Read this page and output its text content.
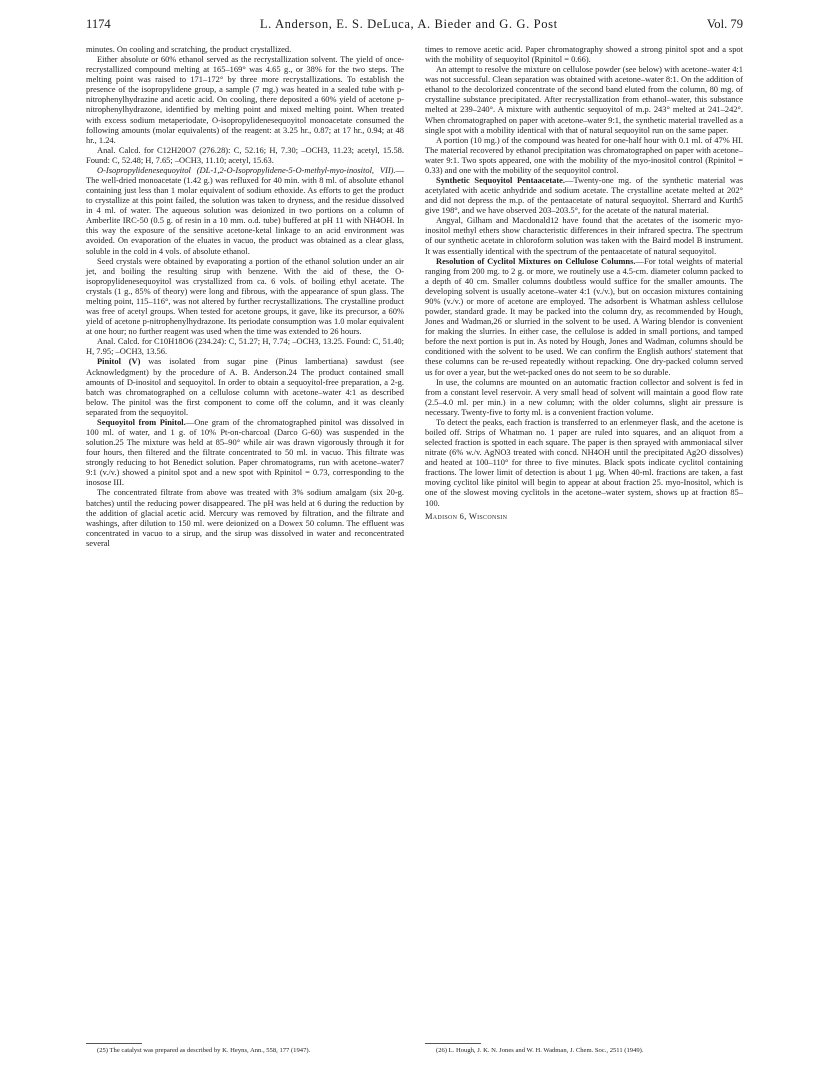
1174	L. Anderson, E. S. DeLuca, A. Bieder and G. G. Post	Vol. 79

minutes. On cooling and scratching, the product crystallized.

Either absolute or 60% ethanol served as the recrystallization solvent. The yield of once-recrystallized compound melting at 165–169° was 4.65 g., or 38% for the two steps. The melting point was raised to 171–172° by three more recrystallizations. To establish the presence of the isopropylidene group, a sample (7 mg.) was heated in a sealed tube with p-nitrophenylhydrazine and acetic acid. On cooling, there deposited a 60% yield of acetone p-nitrophenylhydrazone, identified by melting point and mixed melting point. When treated with excess sodium metaperiodate, O-isopropylidenesequoyitol monoacetate consumed the following amounts (molar equivalents) of the reagent: at 3.25 hr., 0.87; at 17 hr., 0.94; at 48 hr., 1.24.

Anal. Calcd. for C12H20O7 (276.28): C, 52.16; H, 7.30; –OCH3, 11.23; acetyl, 15.58. Found: C, 52.48; H, 7.65; –OCH3, 11.10; acetyl, 15.63.

O-Isopropylidenesequoyitol (DL-1,2-O-Isopropylidene-5-O-methyl-myo-inositol, VII).—The well-dried monoacetate (1.42 g.) was refluxed for 40 min. with 8 ml. of absolute ethanol containing just less than 1 molar equivalent of sodium ethoxide. As efforts to get the product to crystallize at this point failed, the solution was taken to dryness, and the residue dissolved in 4 ml. of water. The aqueous solution was deionized in two portions on a column of Amberlite IRC-50 (0.5 g. of resin in a 10 mm. o.d. tube) buffered at pH 11 with NH4OH. In this way the exposure of the sensitive acetone-ketal linkage to an acid environment was avoided. On evaporation of the eluates in vacuo, the product was obtained as a clear glass, soluble in the cold in 4 vols. of absolute ethanol.

Seed crystals were obtained by evaporating a portion of the ethanol solution under an air jet, and boiling the resulting sirup with benzene. With the aid of these, the O-isopropylidenesequoyitol was crystallized from ca. 6 vols. of boiling ethyl acetate. The crystals (1 g., 85% of theory) were long and fibrous, with the appearance of spun glass. The melting point, 115–116°, was not altered by further recrystallizations. The crystalline product was free of acetyl groups. When tested for acetone groups, it gave, like its precursor, a 60% yield of acetone p-nitrophenylhydrazone. Its periodate consumption was 1.0 molar equivalent at one hour; no further reagent was used when the time was extended to 26 hours.

Anal. Calcd. for C10H18O6 (234.24): C, 51.27; H, 7.74; –OCH3, 13.25. Found: C, 51.40; H, 7.95; –OCH3, 13.56.

Pinitol (V) was isolated from sugar pine (Pinus lambertiana) sawdust (see Acknowledgment) by the procedure of A. B. Anderson.24 The product contained small amounts of D-inositol and sequoyitol. In order to obtain a sequoyitol-free preparation, a 2-g. batch was chromatographed on a cellulose column with acetone–water 4:1 as described below. The pinitol was the first component to come off the column, and it was cleanly separated from the sequoyitol.

Sequoyitol from Pinitol.—One gram of the chromatographed pinitol was dissolved in 100 ml. of water, and 1 g. of 10% Pt-on-charcoal (Darco G-60) was suspended in the solution.25 The mixture was held at 85–90° while air was drawn vigorously through it for four hours, then filtered and the filtrate concentrated to 50 ml. in vacuo. This filtrate was strongly reducing to hot Benedict solution. Paper chromatograms, run with acetone–water7 9:1 (v./v.) showed a pinitol spot and a new spot with Rpinitol = 0.73, corresponding to the inosose III.

The concentrated filtrate from above was treated with 3% sodium amalgam (six 20-g. batches) until the reducing power disappeared. The pH was held at 6 during the reduction by the addition of glacial acetic acid. Mercury was removed by filtration, and the filtrate and washings, after dilution to 150 ml. were deionized on a Dowex 50 column. The effluent was concentrated in vacuo to a sirup, and the sirup was dissolved in water and reconcentrated several

times to remove acetic acid. Paper chromatography showed a strong pinitol spot and a spot with the mobility of sequoyitol (Rpinitol = 0.66).

An attempt to resolve the mixture on cellulose powder (see below) with acetone–water 4:1 was not successful. Clean separation was obtained with acetone–water 8:1. On the addition of ethanol to the decolorized concentrate of the second band eluted from the column, 80 mg. of crystalline substance precipitated. After recrystallization from ethanol–water, this substance melted at 239–240°. A mixture with authentic sequoyitol of m.p. 243° melted at 241–242°. When chromatographed on paper with acetone–water 9:1, the synthetic material travelled as a single spot with a mobility identical with that of natural sequoyitol run on the same paper.

A portion (10 mg.) of the compound was heated for one-half hour with 0.1 ml. of 47% HI. The material recovered by ethanol precipitation was chromatographed on paper with acetone–water 9:1. Two spots appeared, one with the mobility of the myo-inositol control (Rpinitol = 0.33) and one with the mobility of the sequoyitol control.

Synthetic Sequoyitol Pentaacetate.—Twenty-one mg. of the synthetic material was acetylated with acetic anhydride and sodium acetate. The crystalline acetate melted at 202° and did not depress the m.p. of the pentaacetate of natural sequoyitol. Sherrard and Kurth5 give 198°, and we have observed 203–203.5°, for the acetate of the natural material.

Angyal, Gilham and Macdonald12 have found that the acetates of the isomeric myo-inositol methyl ethers show characteristic differences in their infrared spectra. The spectrum of our synthetic acetate in chloroform solution was taken with the Baird model B instrument. It was essentially identical with the spectrum of the pentaacetate of natural sequoyitol.

Resolution of Cyclitol Mixtures on Cellulose Columns.—For total weights of material ranging from 200 mg. to 2 g. or more, we routinely use a 4.5-cm. diameter column packed to a depth of 40 cm. Smaller columns doubtless would suffice for the smaller amounts. The developing solvent is usually acetone–water 4:1 (v./v.), but on occasion mixtures containing 90% (v./v.) or more of acetone are employed. The adsorbent is Whatman ashless cellulose powder, standard grade. It may be packed into the column dry, as recommended by Hough, Jones and Wadman,26 or slurried in the solvent to be used. A Waring blendor is convenient for making the slurries. In either case, the cellulose is added in small portions, and tamped before the next portion is put in. As noted by Hough, Jones and Wadman, columns should be conditioned with the solvent to be used. We can confirm the English authors' statement that these columns can be re-used repeatedly without repacking. One dry-packed column served us for over a year, but the wet-packed ones do not seem to be so durable.

In use, the columns are mounted on an automatic fraction collector and solvent is fed in from a constant level reservoir. A very small head of solvent will maintain a good flow rate (2.5–4.0 ml. per min.) in a new column; with the older columns, slight air pressure is necessary. Twenty-five to forty ml. is a convenient fraction volume.

To detect the peaks, each fraction is transferred to an erlenmeyer flask, and the acetone is boiled off. Strips of Whatman no. 1 paper are ruled into squares, and an aliquot from a selected fraction is spotted in each square. The paper is then sprayed with ammoniacal silver nitrate (6% w./v. AgNO3 treated with concd. NH4OH until the precipitated Ag2O dissolves) and heated at 100–110° for three to five minutes. Black spots indicate cyclitol containing fractions. The lower limit of detection is about 1 μg. When 40-ml. fractions are taken, a fast moving cyclitol like pinitol will begin to appear at about fraction 25. myo-Inositol, which is one of the slowest moving cyclitols in the acetone–water system, shows up at fraction 85–100.

Madison 6, Wisconsin

(25) The catalyst was prepared as described by K. Heyns, Ann., 558, 177 (1947).	(26) L. Hough, J. K. N. Jones and W. H. Wadman, J. Chem. Soc., 2511 (1949).
